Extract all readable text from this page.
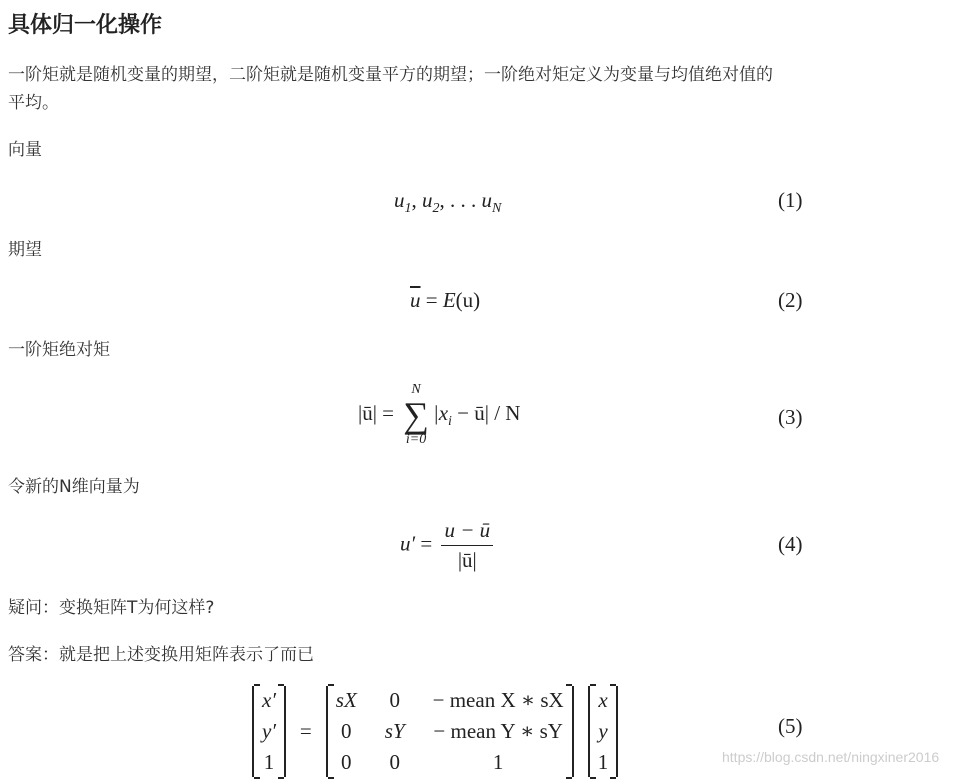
具体归一化操作
一阶矩就是随机变量的期望，二阶矩就是随机变量平方的期望；一阶绝对矩定义为变量与均值绝对值的
平均。
向量
$u_1$, $u_2$, . . . $u_N$	(1)
期望
$\overline{u} = E(u)$	(2)
一阶矩绝对矩
|ū| =
N
∑
i=0
$|x_i$ − ū| / N	(3)
令新的N维向量为
$u' = \frac{u - ū}{|ū|}$	(4)
疑问：变换矩阵T为何这样?
答案：就是把上述变换用矩阵表示了而已
x′
y′
1
=
sX 0 − mean X ∗ sX
0 sY − mean Y ∗ sY
0 0	1
x
y
1
(5)
https://blog.csdn.net/ningxiner2016
